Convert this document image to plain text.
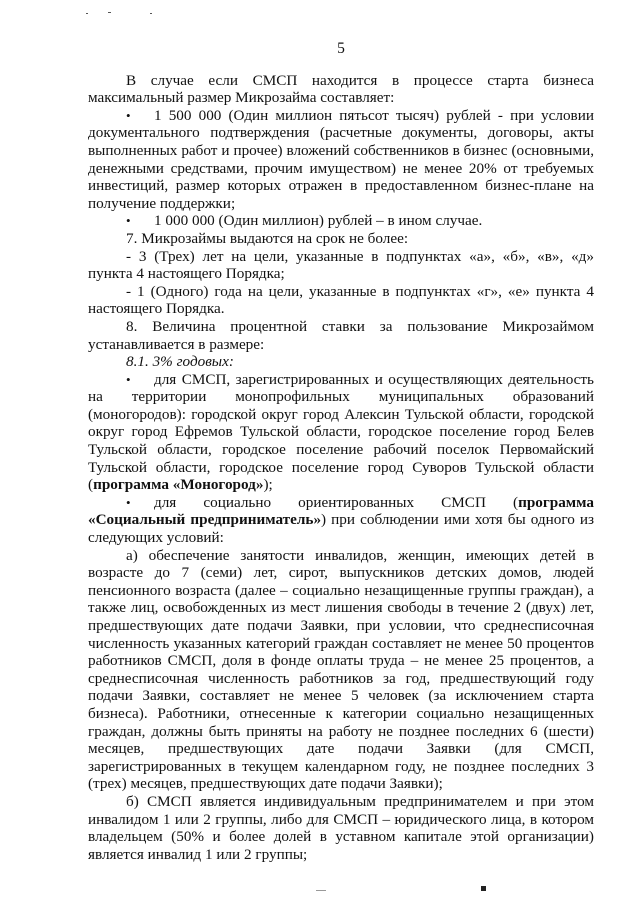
5

В случае если СМСП находится в процессе старта бизнеса максимальный размер Микрозайма составляет:

• 1 500 000 (Один миллион пятьсот тысяч) рублей - при условии документального подтверждения (расчетные документы, договоры, акты выполненных работ и прочее) вложений собственников в бизнес (основными, денежными средствами, прочим имуществом) не менее 20% от требуемых инвестиций, размер которых отражен в предоставленном бизнес-плане на получение поддержки;

• 1 000 000 (Один миллион) рублей – в ином случае.

7. Микрозаймы выдаются на срок не более:

- 3 (Трех) лет на цели, указанные в подпунктах «а», «б», «в», «д» пункта 4 настоящего Порядка;

- 1 (Одного) года на цели, указанные в подпунктах «г», «е» пункта 4 настоящего Порядка.

8. Величина процентной ставки за пользование Микрозаймом устанавливается в размере:

8.1. 3% годовых:

• для СМСП, зарегистрированных и осуществляющих деятельность на территории монопрофильных муниципальных образований (моногородов): городской округ город Алексин Тульской области, городской округ город Ефремов Тульской области, городское поселение город Белев Тульской области, городское поселение рабочий поселок Первомайский Тульской области, городское поселение город Суворов Тульской области (программа «Моногород»);

• для социально ориентированных СМСП (программа «Социальный предприниматель») при соблюдении ими хотя бы одного из следующих условий:

а) обеспечение занятости инвалидов, женщин, имеющих детей в возрасте до 7 (семи) лет, сирот, выпускников детских домов, людей пенсионного возраста (далее – социально незащищенные группы граждан), а также лиц, освобожденных из мест лишения свободы в течение 2 (двух) лет, предшествующих дате подачи Заявки, при условии, что среднесписочная численность указанных категорий граждан составляет не менее 50 процентов работников СМСП, доля в фонде оплаты труда – не менее 25 процентов, а среднесписочная численность работников за год, предшествующий году подачи Заявки, составляет не менее 5 человек (за исключением старта бизнеса). Работники, отнесенные к категории социально незащищенных граждан, должны быть приняты на работу не позднее последних 6 (шести) месяцев, предшествующих дате подачи Заявки (для СМСП, зарегистрированных в текущем календарном году, не позднее последних 3 (трех) месяцев, предшествующих дате подачи Заявки);

б) СМСП является индивидуальным предпринимателем и при этом инвалидом 1 или 2 группы, либо для СМСП – юридического лица, в котором владельцем (50% и более долей в уставном капитале этой организации) является инвалид 1 или 2 группы;
